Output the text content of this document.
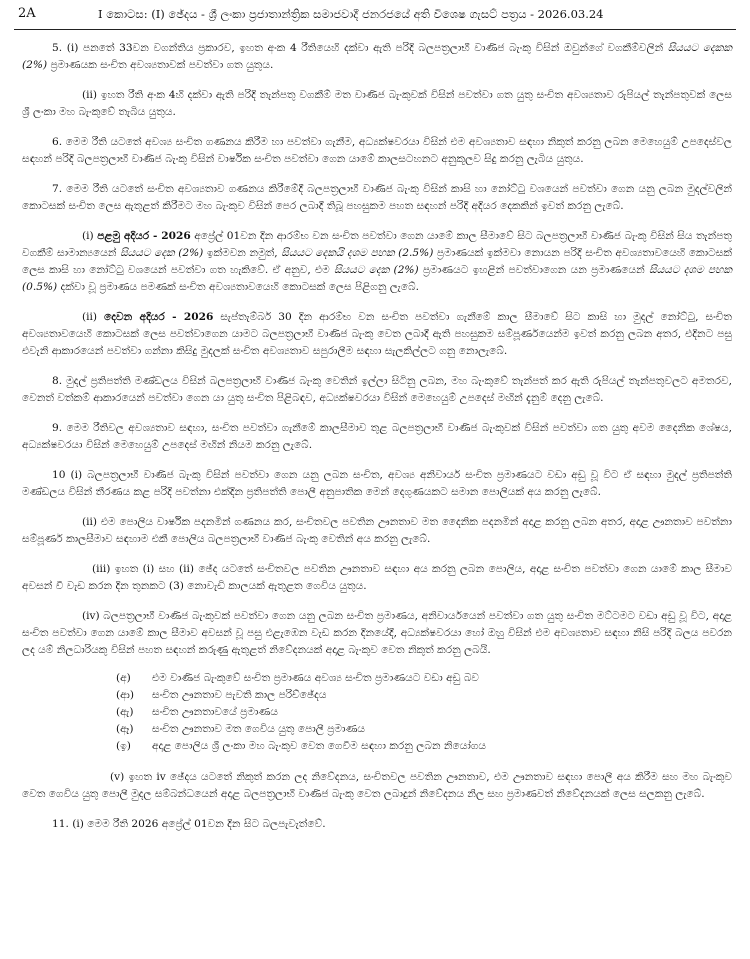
2A	I කොටස: (I) ඡේදය - ශ්‍රී ලංකා ප්‍රජාතාන්ත්‍රික සමාජවාදී ජනරජයේ අති විශෙෂ ගැසට් පත්‍රය - 2026.03.24

5. (i) පනතේ 33වන වගන්තිය ප්‍රකාරව, ඉහත අංක 4 රීතියෙහි දක්වා ඇති පරිදි බලපත්‍රලාභී වාණිජ බැංකු විසින් ඔවුන්ගේ වගකීම්වලින් සියයට දෙකක (2%) ප්‍රමාණයක සංචිත අවශ්‍යතාවක් පවත්වා ගත යුතුය.

(ii) ඉහත රීති අංක 4හි දක්වා ඇති පරිදි තැන්පතු වගකීම් මත වාණිජ බැංකුවක් විසින් පවත්වා ගත යුතු සංචිත අවශ්‍යතාව රුපියල් තැන්පතුවක් ලෙස ශ්‍රී ලංකා මහ බැංකුවේ තැබිය යුතුය.

6. මෙම රීති යටතේ අවශ්‍ය සංචිත ගණනය කිරීම හා පවත්වා ගැනීම, අධ්‍යක්ෂවරයා විසින් එම අවශ්‍යතාව සඳහා නිකුත් කරනු ලබන මෙහෙයුම් උපදෙස්වල සඳහන් පරිදි බලපත්‍රලාභී වාණිජ බැංකු විසින් වාර්ෂික සංචිත පවත්වා ගෙන යාමේ කාලසටහනට අනුකූලව සිදු කරනු ලැබිය යුතුය.

7. මෙම රීති යටතේ සංචිත අවශ්‍යතාව ගණනය කිරීමේදී බලපත්‍රලාභී වාණිජ බැංකු විසින් කාසි හා නෝට්ටු වශයෙන් පවත්වා ගෙන යනු ලබන මුදල්වලින් කොටසක් සංචිත ලෙස ඇතුළත් කිරීමට මහ බැංකුව විසින් පෙර ලබාදී තිබූ පහසුකම පහත සඳහන් පරිදි අදියර දෙකකින් ඉවත් කරනු ලැබේ.

(i) පළමු අදියර - 2026 අප්‍රේල් 01වන දින ආරම්භ වන සංචිත පවත්වා ගෙන යාමේ කාල සීමාවේ සිට බලපත්‍රලාභී වාණිජ බැංකු විසින් සිය තැන්පතු වගකීම් සාමාන්‍යයෙන් සියයට දෙක (2%) ඉක්මවන නමුත්, සියයට දෙකයි දශම පහක (2.5%) ප්‍රමාණයක් ඉක්මවා නොයන පරිදි සංචිත අවශ්‍යතාවයෙහි කොටසක් ලෙස කාසි හා නෝට්ටු වශයෙන් පවත්වා ගත හැකිවේ. ඒ අනුව, එම සියයට දෙක (2%) ප්‍රමාණයට ඉහළින් පවත්වාගෙන යන ප්‍රමාණයෙන් සියයට දශම පහක (0.5%) දක්වා වූ ප්‍රමාණය පමණක් සංචිත අවශ්‍යතාවයෙහි කොටසක් ලෙස පිළිගනු ලැබේ.

(ii) දෙවන අදියර - 2026 සැප්තැම්බර් 30 දින ආරම්භ වන සංචිත පවත්වා ගැනීමේ කාල සීමාවේ සිට කාසි හා මුදල් නෝට්ටු, සංචිත අවශ්‍යතාවයෙහි කොටසක් ලෙස පවත්වාගෙන යාමට බලපත්‍රලාභී වාණිජ බැංකු වෙත ලබාදී ඇති පහසුකම සම්පූර්ණයෙන්ම ඉවත් කරනු ලබන අතර, එදිනට පසු එවැනි ආකාරයෙන් පවත්වා ගන්නා කිසිදු මුදලක් සංචිත අවශ්‍යතාව සපුරාලීම සඳහා සැලකිල්ලට ගනු නොලැබේ.

8. මුදල් ප්‍රතිපත්ති මණ්ඩලය විසින් බලපත්‍රලාභී වාණිජ බැංකු වෙතින් ඉල්ලා සිටිනු ලබන, මහ බැංකුවේ තැන්පත් කර ඇති රුපියල් තැන්පතුවලට අමතරව, වෙනත් වත්කම් ආකාරයෙන් පවත්වා ගෙන යා යුතු සංචිත පිළිබඳව, අධ්‍යක්ෂවරයා විසින් මෙහෙයුම් උපදෙස් මඟින් දැනුම් දෙනු ලැබේ.

9. මෙම රීතිවල අවශ්‍යතාව සඳහා, සංචිත පවත්වා ගැනීමේ කාලසීමාව තුළ බලපත්‍රලාභී වාණිජ බැංකුවක් විසින් පවත්වා ගත යුතු අවම දෛනික ශේෂය, අධ්‍යක්ෂවරයා විසින් මෙහෙයුම් උපදෙස් මඟින් නියම කරනු ලැබේ.

10 (i) බලපත්‍රලාභී වාණිජ බැංකු විසින් පවත්වා ගෙන යනු ලබන සංචිත, අවශ්‍ය අනිවාර්ය සංචිත ප්‍රමාණයට වඩා අඩු වූ විට ඒ සඳහා මුදල් ප්‍රතිපත්ති මණ්ඩලය විසින් තීරණය කළ පරිදි පවත්නා එක්දින ප්‍රතිපත්ති පොලී අනුපාතික මෙන් දෙගුණයකට සමාන පොලියක් අය කරනු ලැබේ.

(ii) එම පොලිය වාර්ෂික පදනමින් ගණනය කර, සංචිතවල පවතින ඌනතාව මත දෛනික පදනමින් අදාළ කරනු ලබන අතර, අදාළ ඌනතාව පවත්නා සම්පූර්ණ කාලසීමාව සඳහාම එකී පොලිය බලපත්‍රලාභී වාණිජ බැංකු වෙතින් අය කරනු ලැබේ.

(iii) ඉහත (i) සහ (ii) ඡේද යටතේ සංචිතවල පවතින ඌනතාව සඳහා අය කරනු ලබන පොලිය, අදාළ සංචිත පවත්වා ගෙන යාමේ කාල සීමාව අවසන් වී වැඩ කරන දින තුනකට (3) නොවැඩි කාලයක් ඇතුළත ගෙවිය යුතුය.

(iv) බලපත්‍රලාභී වාණිජ බැංකුවක් පවත්වා ගෙන යනු ලබන සංචිත ප්‍රමාණය, අනිවාර්යයෙන් පවත්වා ගත යුතු සංචිත මට්ටමට වඩා අඩු වූ විට, අදාළ සංචිත පවත්වා ගෙන යාමේ කාල සීමාව අවසන් වූ පසු එළැඹෙන වැඩ කරන දිනයේදී, අධ්‍යක්ෂවරයා හෝ ඔහු විසින් එම අවශ්‍යතාව සඳහා නිසි පරිදි බලය පවරන ලද යම් නිලධාරියකු විසින් පහත සඳහන් කරුණු ඇතුළත් නිවේදනයක් අදාළ බැංකුව වෙත නිකුත් කරනු ලබයි.

(අ)	එම වාණිජ බැංකුවේ සංචිත ප්‍රමාණය අවශ්‍ය සංචිත ප්‍රමාණයට වඩා අඩු බව
(ආ)	සංචිත ඌනතාව පැවති කාල පරිච්ඡේදය
(ඇ)	සංචිත ඌනතාවයේ ප්‍රමාණය
(ඈ)	සංචිත ඌනතාව මත ගෙවිය යුතු පොලී ප්‍රමාණය
(ඉ)	අදාළ පොලිය ශ්‍රී ලංකා මහ බැංකුව වෙත ගෙවීම සඳහා කරනු ලබන නියෝගය

(v) ඉහත iv ඡේදය යටතේ නිකුත් කරන ලද නිවේදනය, සංචිතවල පවතින ඌනතාව, එම ඌනතාව සඳහා පොලී අය කිරීම සහ මහ බැංකුව වෙත ගෙවිය යුතු පොලී මුදල සම්බන්ධයෙන් අදාළ බලපත්‍රලාභී වාණිජ බැංකු වෙත ලබාදුන් නිවේදනය නිල සහ ප්‍රමාණවත් නිවේදනයක් ලෙස සලකනු ලැබේ.

11. (i) මෙම රීති 2026 අප්‍රේල් 01වන දින සිට බලපැවැත්වේ.
